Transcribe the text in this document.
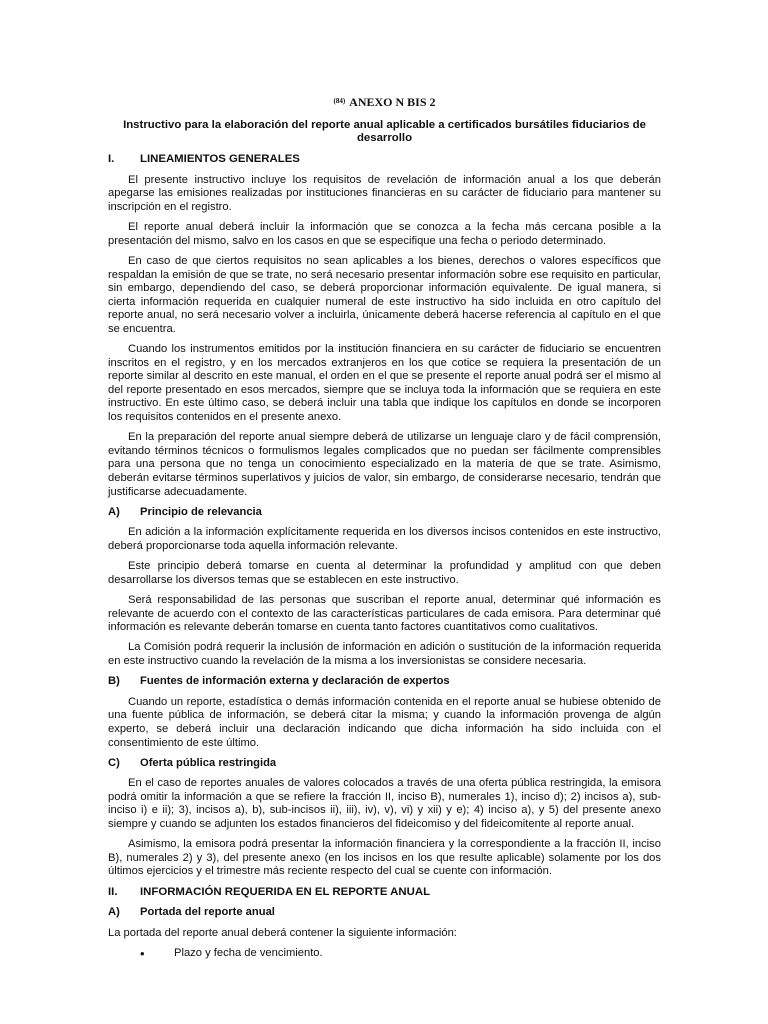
$^{(84)}$ ANEXO N BIS 2
Instructivo para la elaboración del reporte anual aplicable a certificados bursátiles fiduciarios de desarrollo
I.	LINEAMIENTOS GENERALES

El presente instructivo incluye los requisitos de revelación de información anual a los que deberán apegarse las emisiones realizadas por instituciones financieras en su carácter de fiduciario para mantener su inscripción en el registro.

El reporte anual deberá incluir la información que se conozca a la fecha más cercana posible a la presentación del mismo, salvo en los casos en que se especifique una fecha o periodo determinado.

En caso de que ciertos requisitos no sean aplicables a los bienes, derechos o valores específicos que respaldan la emisión de que se trate, no será necesario presentar información sobre ese requisito en particular, sin embargo, dependiendo del caso, se deberá proporcionar información equivalente. De igual manera, si cierta información requerida en cualquier numeral de este instructivo ha sido incluida en otro capítulo del reporte anual, no será necesario volver a incluirla, únicamente deberá hacerse referencia al capítulo en el que se encuentra.

Cuando los instrumentos emitidos por la institución financiera en su carácter de fiduciario se encuentren inscritos en el registro, y en los mercados extranjeros en los que cotice se requiera la presentación de un reporte similar al descrito en este manual, el orden en el que se presente el reporte anual podrá ser el mismo al del reporte presentado en esos mercados, siempre que se incluya toda la información que se requiera en este instructivo. En este último caso, se deberá incluir una tabla que indique los capítulos en donde se incorporen los requisitos contenidos en el presente anexo.

En la preparación del reporte anual siempre deberá de utilizarse un lenguaje claro y de fácil comprensión, evitando términos técnicos o formulismos legales complicados que no puedan ser fácilmente comprensibles para una persona que no tenga un conocimiento especializado en la materia de que se trate. Asimismo, deberán evitarse términos superlativos y juicios de valor, sin embargo, de considerarse necesario, tendrán que justificarse adecuadamente.

A)	Principio de relevancia

En adición a la información explícitamente requerida en los diversos incisos contenidos en este instructivo, deberá proporcionarse toda aquella información relevante.

Este principio deberá tomarse en cuenta al determinar la profundidad y amplitud con que deben desarrollarse los diversos temas que se establecen en este instructivo.

Será responsabilidad de las personas que suscriban el reporte anual, determinar qué información es relevante de acuerdo con el contexto de las características particulares de cada emisora. Para determinar qué información es relevante deberán tomarse en cuenta tanto factores cuantitativos como cualitativos.

La Comisión podrá requerir la inclusión de información en adición o sustitución de la información requerida en este instructivo cuando la revelación de la misma a los inversionistas se considere necesaria.

B)	Fuentes de información externa y declaración de expertos

Cuando un reporte, estadística o demás información contenida en el reporte anual se hubiese obtenido de una fuente pública de información, se deberá citar la misma; y cuando la información provenga de algún experto, se deberá incluir una declaración indicando que dicha información ha sido incluida con el consentimiento de este último.

C)	Oferta pública restringida

En el caso de reportes anuales de valores colocados a través de una oferta pública restringida, la emisora podrá omitir la información a que se refiere la fracción II, inciso B), numerales 1), inciso d); 2) incisos a), sub-inciso i) e ii); 3), incisos a), b), sub-incisos ii), iii), iv), v), vi) y xii) y e); 4) inciso a), y 5) del presente anexo siempre y cuando se adjunten los estados financieros del fideicomiso y del fideicomitente al reporte anual.

Asimismo, la emisora podrá presentar la información financiera y la correspondiente a la fracción II, inciso B), numerales 2) y 3), del presente anexo (en los incisos en los que resulte aplicable) solamente por los dos últimos ejercicios y el trimestre más reciente respecto del cual se cuente con información.

II.	INFORMACIÓN REQUERIDA EN EL REPORTE ANUAL
A)	Portada del reporte anual

La portada del reporte anual deberá contener la siguiente información:

•	Plazo y fecha de vencimiento.
